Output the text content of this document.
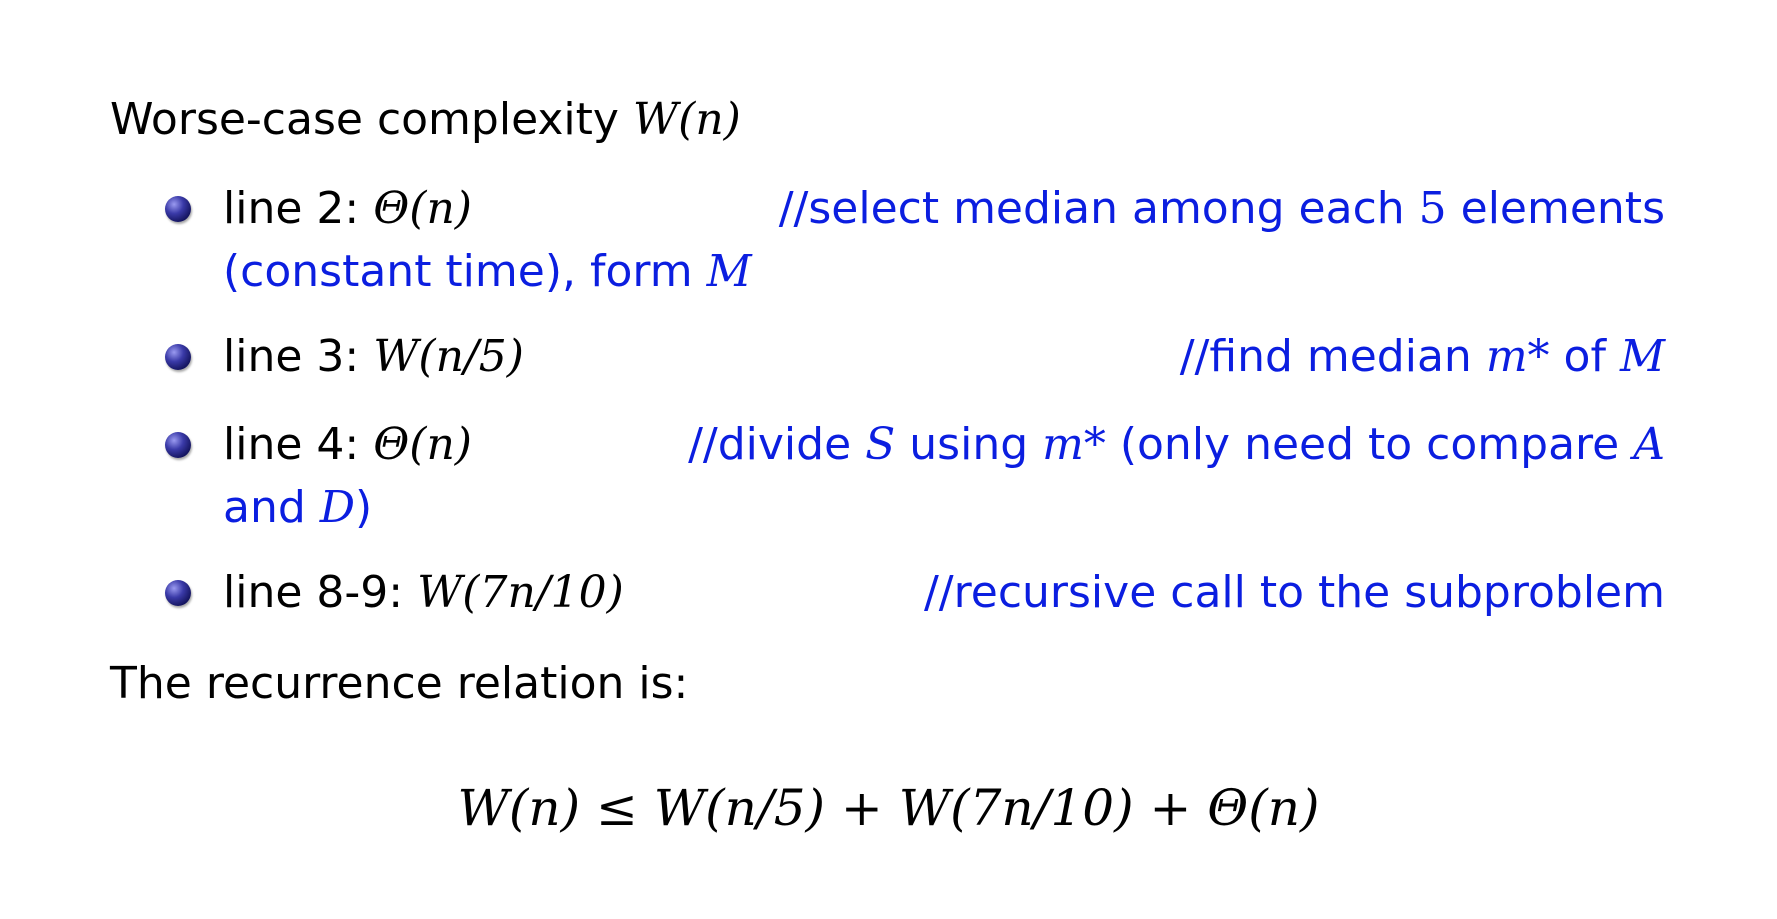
Worse-case complexity W(n)
line 2: Θ(n)	//select median among each 5 elements
(constant time), form M
line 3: W(n/5)	//find median m* of M
line 4: Θ(n)	//divide S using m* (only need to compare A
and D)
line 8-9: W(7n/10)	//recursive call to the subproblem
The recurrence relation is:
W(n) ≤ W(n/5) + W(7n/10) + Θ(n)
